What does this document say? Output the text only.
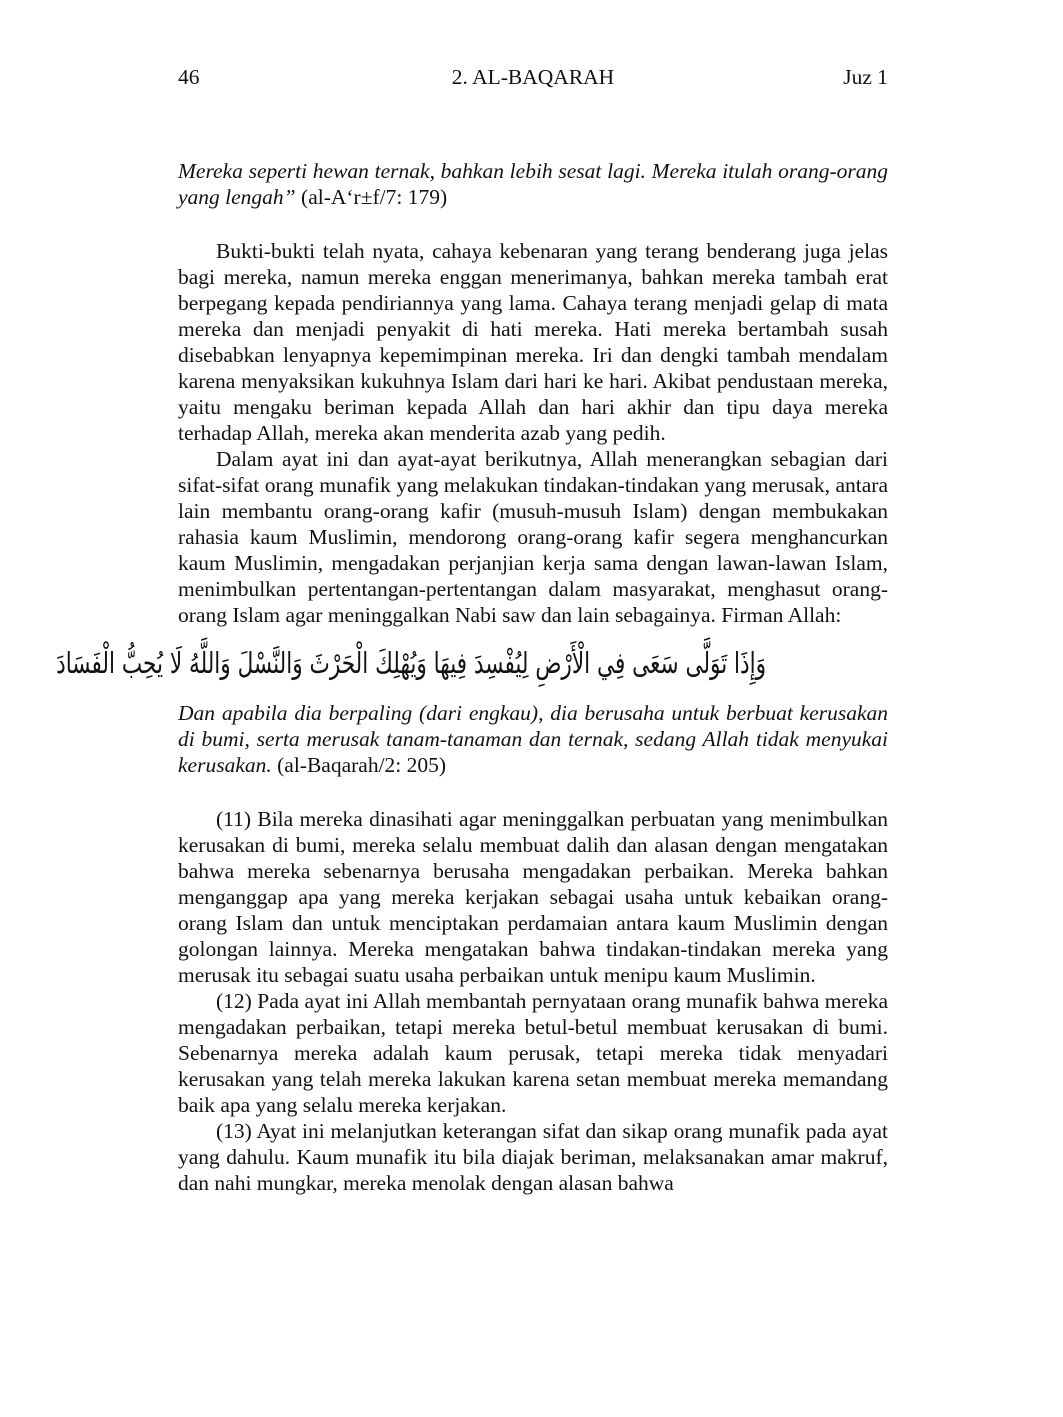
46	2. AL-BAQARAH	Juz 1

Mereka seperti hewan ternak, bahkan lebih sesat lagi. Mereka itulah orang-orang yang lengah” (al-A‘r±f/7: 179)

Bukti-bukti telah nyata, cahaya kebenaran yang terang benderang juga jelas bagi mereka, namun mereka enggan menerimanya, bahkan mereka tambah erat berpegang kepada pendiriannya yang lama. Cahaya terang menjadi gelap di mata mereka dan menjadi penyakit di hati mereka. Hati mereka bertambah susah disebabkan lenyapnya kepemimpinan mereka. Iri dan dengki tambah mendalam karena menyaksikan kukuhnya Islam dari hari ke hari. Akibat pendustaan mereka, yaitu mengaku beriman kepada Allah dan hari akhir dan tipu daya mereka terhadap Allah, mereka akan menderita azab yang pedih.

Dalam ayat ini dan ayat-ayat berikutnya, Allah menerangkan sebagian dari sifat-sifat orang munafik yang melakukan tindakan-tindakan yang merusak, antara lain membantu orang-orang kafir (musuh-musuh Islam) dengan membukakan rahasia kaum Muslimin, mendorong orang-orang kafir segera menghancurkan kaum Muslimin, mengadakan perjanjian kerja sama dengan lawan-lawan Islam, menimbulkan pertentangan-pertentangan dalam masyarakat, menghasut orang-orang Islam agar meninggalkan Nabi saw dan lain sebagainya. Firman Allah:

وَإِذَا تَوَلَّى سَعَى فِي الْأَرْضِ لِيُفْسِدَ فِيهَا وَيُهْلِكَ الْحَرْثَ وَالنَّسْلَ وَاللَّهُ لَا يُحِبُّ الْفَسَادَ

Dan apabila dia berpaling (dari engkau), dia berusaha untuk berbuat kerusakan di bumi, serta merusak tanam-tanaman dan ternak, sedang Allah tidak menyukai kerusakan. (al-Baqarah/2: 205)

(11) Bila mereka dinasihati agar meninggalkan perbuatan yang menimbulkan kerusakan di bumi, mereka selalu membuat dalih dan alasan dengan mengatakan bahwa mereka sebenarnya berusaha mengadakan perbaikan. Mereka bahkan menganggap apa yang mereka kerjakan sebagai usaha untuk kebaikan orang-orang Islam dan untuk menciptakan perdamaian antara kaum Muslimin dengan golongan lainnya. Mereka mengatakan bahwa tindakan-tindakan mereka yang merusak itu sebagai suatu usaha perbaikan untuk menipu kaum Muslimin.

(12) Pada ayat ini Allah membantah pernyataan orang munafik bahwa mereka mengadakan perbaikan, tetapi mereka betul-betul membuat kerusakan di bumi. Sebenarnya mereka adalah kaum perusak, tetapi mereka tidak menyadari kerusakan yang telah mereka lakukan karena setan membuat mereka memandang baik apa yang selalu mereka kerjakan.

(13) Ayat ini melanjutkan keterangan sifat dan sikap orang munafik pada ayat yang dahulu. Kaum munafik itu bila diajak beriman, melaksanakan amar makruf, dan nahi mungkar, mereka menolak dengan alasan bahwa
